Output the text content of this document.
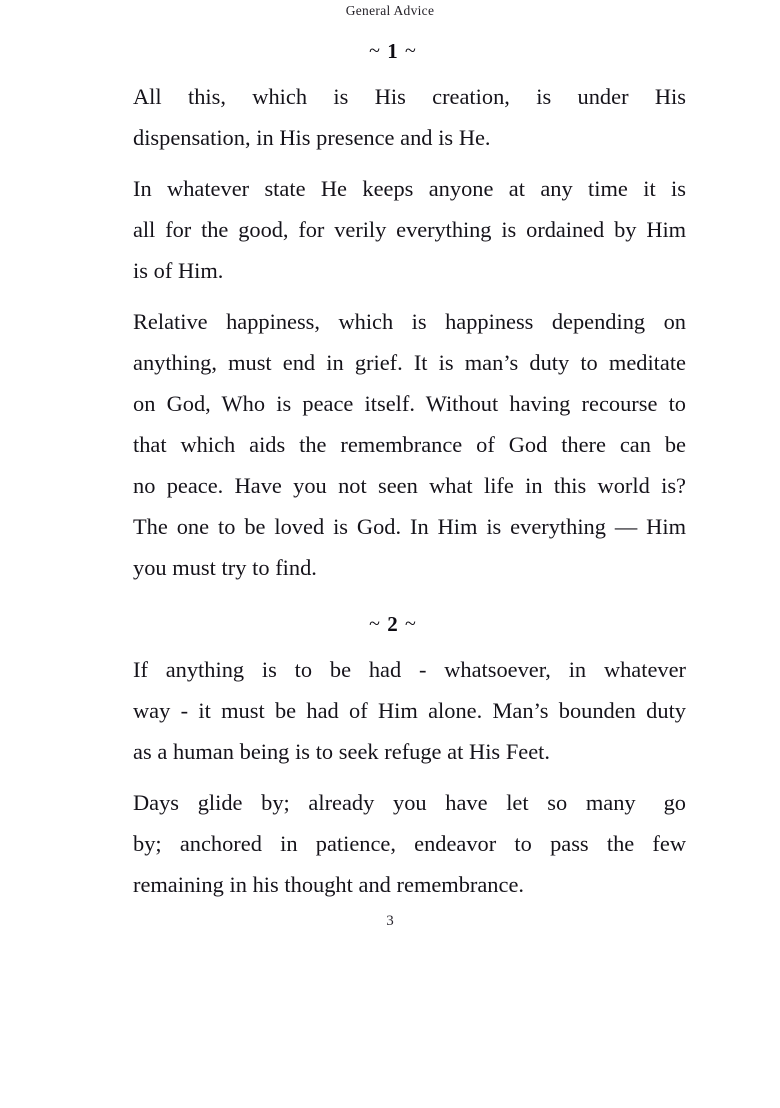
General Advice
~ 1 ~

All  this,  which  is  His  creation,  is  under  His
dispensation, in His presence and is He.

In whatever state He keeps anyone at any time it is
all for the good, for verily everything is ordained by Him
is of Him.

Relative happiness, which is happiness depending on
anything, must end in grief. It is man’s duty to meditate
on God, Who is peace itself. Without having recourse to
that which aids the remembrance of God there can be
no peace. Have you not seen what life in this world is?
The one to be loved is God. In Him is everything — Him
you must try to find.

~ 2 ~

If  anything  is  to  be  had  -  whatsoever,  in  whatever
way - it must be had of Him alone. Man’s bounden duty
as a human being is to seek refuge at His Feet.

Days  glide  by;  already  you  have  let  so  many   go
by;  anchored  in  patience,  endeavor  to  pass  the  few
remaining in his thought and remembrance.

3
